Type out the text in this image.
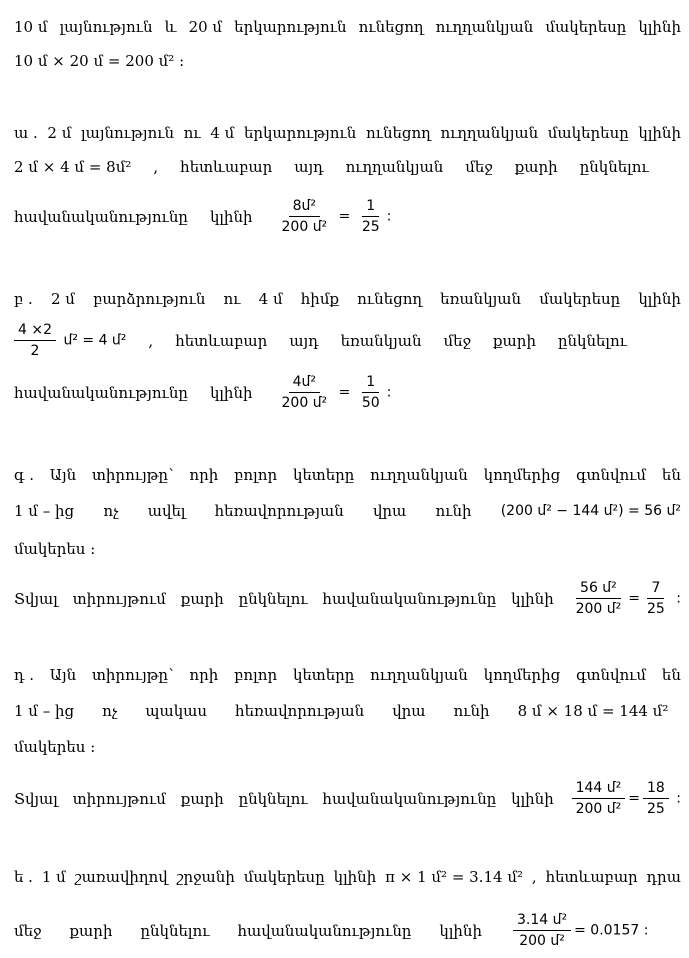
10 մ լայնություն և 20 մ երկարություն ունեցող ուղղանկյան մակերեսը կլինի
10 մ × 20 մ = 200 մ² :
ա . 2 մ լայնություն ու 4 մ երկարություն ունեցող ուղղանկյան մակերեսը կլինի
2 մ × 4 մ = 8մ² , հետևաբար այդ ուղղանկյան մեջ քարի ընկնելու
հավանականությունը կլինի $\frac{\text{8մ²}}{\text{200 մ²}} = \frac{1}{25}$ :
բ . 2 մ բարձրություն ու 4 մ հիմք ունեցող եռանկյան մակերեսը կլինի
$\frac{4 \times 2}{2}$ մ² = 4 մ² , հետևաբար այդ եռանկյան մեջ քարի ընկնելու
հավանականությունը կլինի $\frac{\text{4մ²}}{\text{200 մ²}} = \frac{1}{50}$ :
գ . Այն տիրույթը՝ որի բոլոր կետերը ուղղանկյան կողմերից գտնվում են
1 մ – ից ոչ ավել հեռավորության վրա ունի (200 մ² − 144 մ²) = 56 մ²
մակերես :
Տվյալ տիրույթում քարի ընկնելու հավանականությունը կլինի $\frac{\text{56 մ²}}{\text{200 մ²}} = \frac{7}{25}$ :
դ . Այն տիրույթը՝ որի բոլոր կետերը ուղղանկյան կողմերից գտնվում են
1 մ – ից ոչ պակաս հեռավորության վրա ունի 8 մ × 18 մ = 144 մ²
մակերես :
Տվյալ տիրույթում քարի ընկնելու հավանականությունը կլինի $\frac{\text{144 մ²}}{\text{200 մ²}} = \frac{18}{25}$ :
ե . 1 մ շառավիղով շրջանի մակերեսը կլինի π × 1 մ² = 3.14 մ² , հետևաբար դրա
մեջ քարի ընկնելու հավանականությունը կլինի $\frac{\text{3.14 մ²}}{\text{200 մ²}} = 0.0157$ :
